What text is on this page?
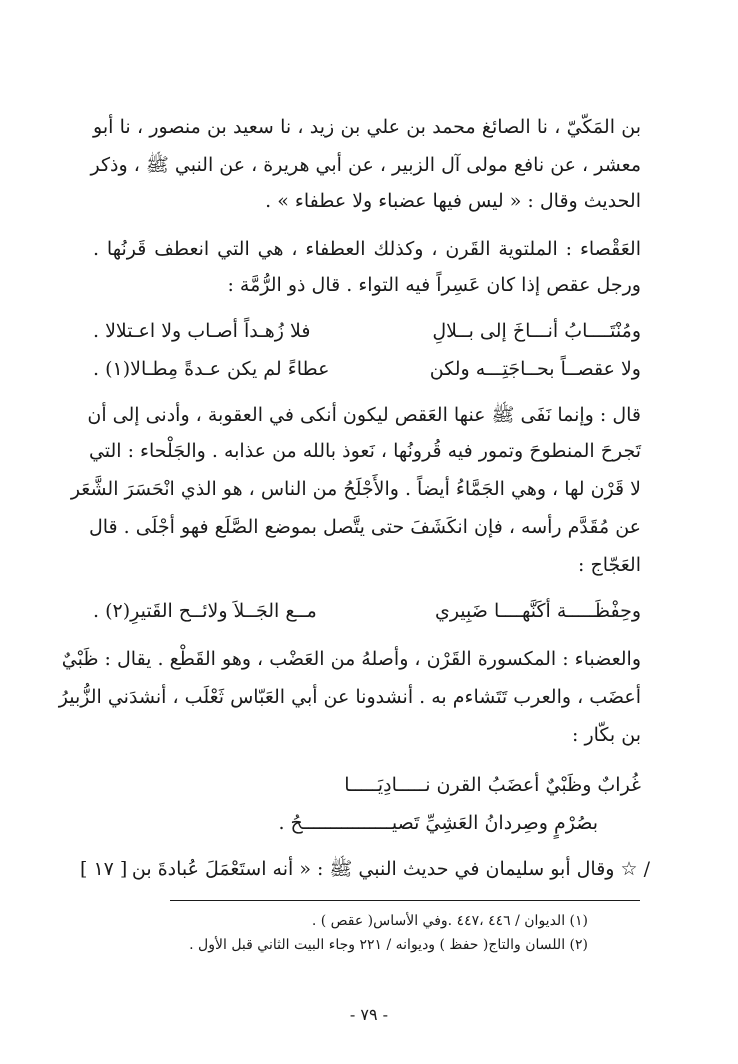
بن المَكّيّ ، نا الصائغ محمد بن علي بن زيد ، نا سعيد بن منصور ، نا أبو
معشر ، عن نافع مولى آل الزبير ، عن أبي هريرة ، عن النبي ﷺ ، وذكر
الحديث وقال : « ليس فيها عضباء ولا عطفاء » .
العَقْصاء : الملتوية القَرن ، وكذلك العطفاء ، هي التي انعطف قَرنُها .
ورجل عقص إذا كان عَسِراً فيه التواء . قال ذو الرُّمَّة :
ومُنْتَــــابُ أنـــاخَ إلى بــلالِ
فلا زُهـداً أصـاب ولا اعـتلالا .
ولا عقصــاً بحــاجَتِـــه ولكن
عطاءً لم يكن عـدةً مِطـالا(١) .
قال : وإنما نَفَى ﷺ عنها العَقص ليكون أنكى في العقوبة ، وأدنى إلى أن
تَجرحَ المنطوحَ وتمور فيه قُرونُها ، نَعوذ بالله من عذابه . والجَلْحاء : التي
لا قَرْن لها ، وهي الجَمَّاءُ أيضاً . والأَجْلَحُ من الناس ، هو الذي انْحَسَرَ الشَّعَر
عن مُقَدَّم رأسه ، فإن انكَشَفَ حتى يتَّصل بموضع الصَّلَع فهو أجْلَى . قال
العَجّاج :
وحِفْظَـــــة أكَنَّهــــا ضَبِيري
مــع الجَــلاَ ولائــح القَتيرِ(٢) .
والعضباء : المكسورة القَرْن ، وأصلهُ من العَضْب ، وهو القَطْع . يقال : ظَبْيٌ
أعضَب ، والعرب تَتَشاءم به . أنشدونا عن أبي العَبّاس ثَعْلَب ، أنشدَني الزُّبيرُ
بن بكّار :
غُرابٌ وظَبْيٌ أعضَبُ القرن نـــــادِيَـــــا
بصُرْمٍ وصِردانُ العَشِيِّ تَصيــــــــــــــــحُ .
/ ☆ وقال أبو سليمان في حديث النبي ﷺ : « أنه استَعْمَلَ عُبادةَ بن
[ ١٧ ]
(١) الديوان / ٤٤٦ ،٤٤٧ .وفي الأساس( عقص ) .
(٢) اللسان والتاج( حفظ ) وديوانه / ٢٢١ وجاء البيت الثاني قبل الأول .
- ٧٩ -
